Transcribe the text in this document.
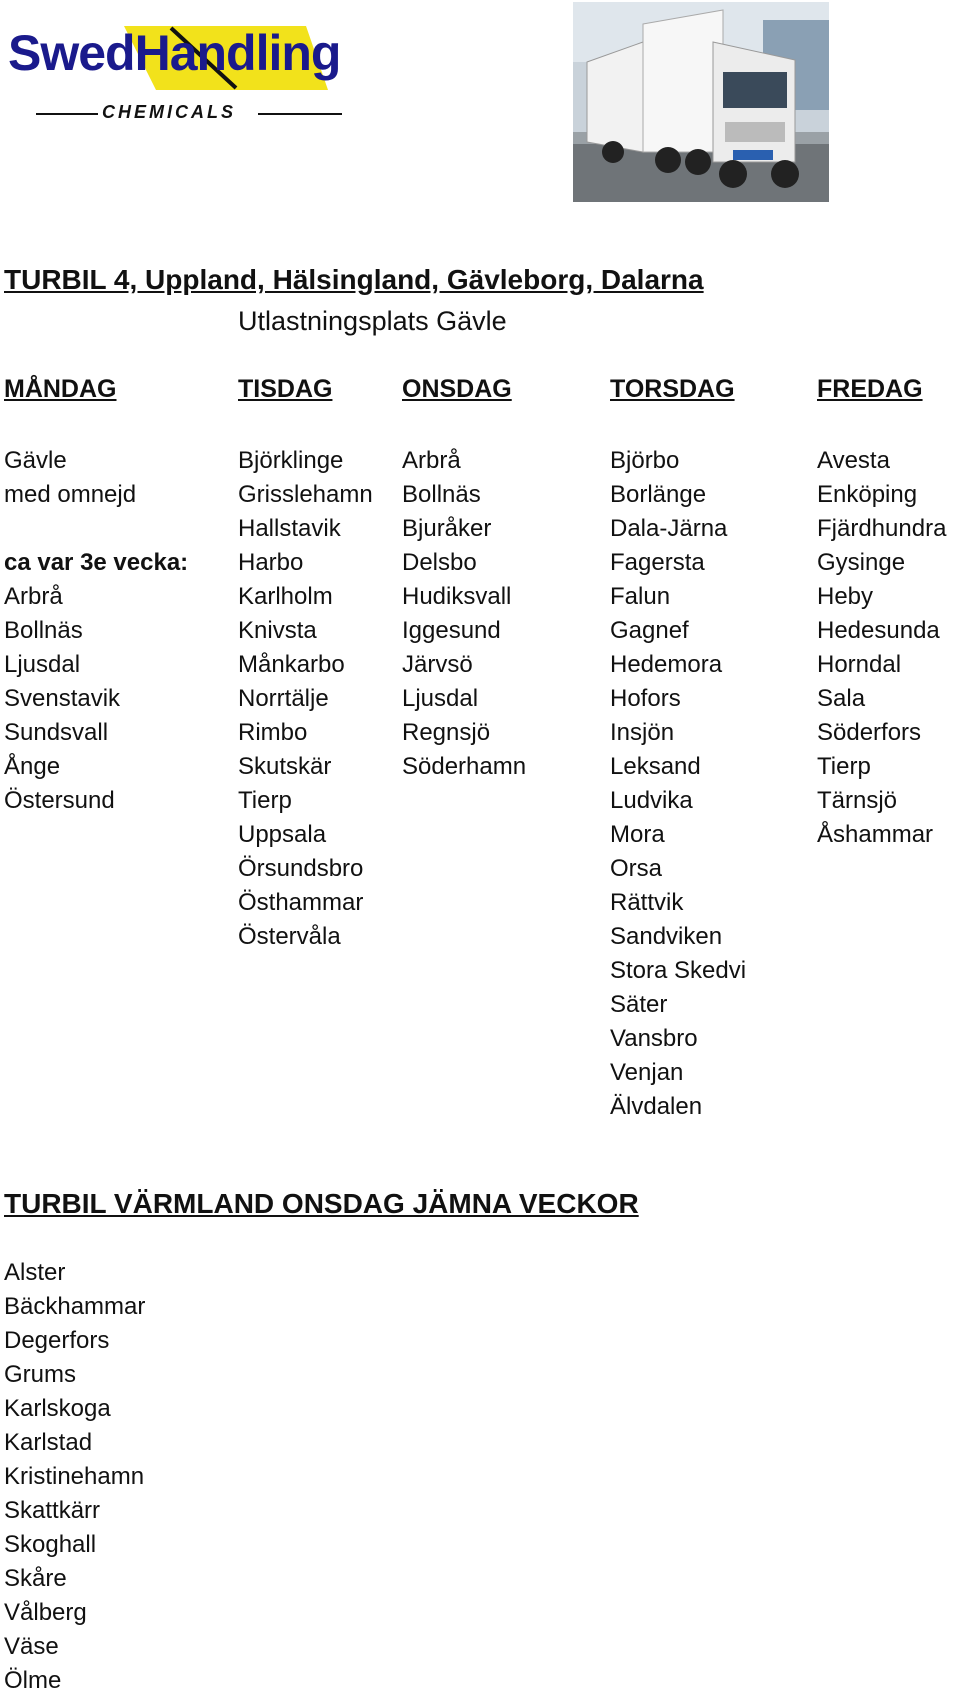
SwedHandling
CHEMICALS
TURBIL 4, Uppland, Hälsingland, Gävleborg, Dalarna
Utlastningsplats Gävle
MÅNDAG
Gävle
med omnejd
ca var 3e vecka:
Arbrå
Bollnäs
Ljusdal
Svenstavik
Sundsvall
Ånge
Östersund
TISDAG
Björklinge
Grisslehamn
Hallstavik
Harbo
Karlholm
Knivsta
Månkarbo
Norrtälje
Rimbo
Skutskär
Tierp
Uppsala
Örsundsbro
Östhammar
Östervåla
ONSDAG
Arbrå
Bollnäs
Bjuråker
Delsbo
Hudiksvall
Iggesund
Järvsö
Ljusdal
Regnsjö
Söderhamn
TORSDAG
Björbo
Borlänge
Dala-Järna
Fagersta
Falun
Gagnef
Hedemora
Hofors
Insjön
Leksand
Ludvika
Mora
Orsa
Rättvik
Sandviken
Stora Skedvi
Säter
Vansbro
Venjan
Älvdalen
FREDAG
Avesta
Enköping
Fjärdhundra
Gysinge
Heby
Hedesunda
Horndal
Sala
Söderfors
Tierp
Tärnsjö
Åshammar
TURBIL VÄRMLAND ONSDAG JÄMNA VECKOR
Alster
Bäckhammar
Degerfors
Grums
Karlskoga
Karlstad
Kristinehamn
Skattkärr
Skoghall
Skåre
Vålberg
Väse
Ölme
